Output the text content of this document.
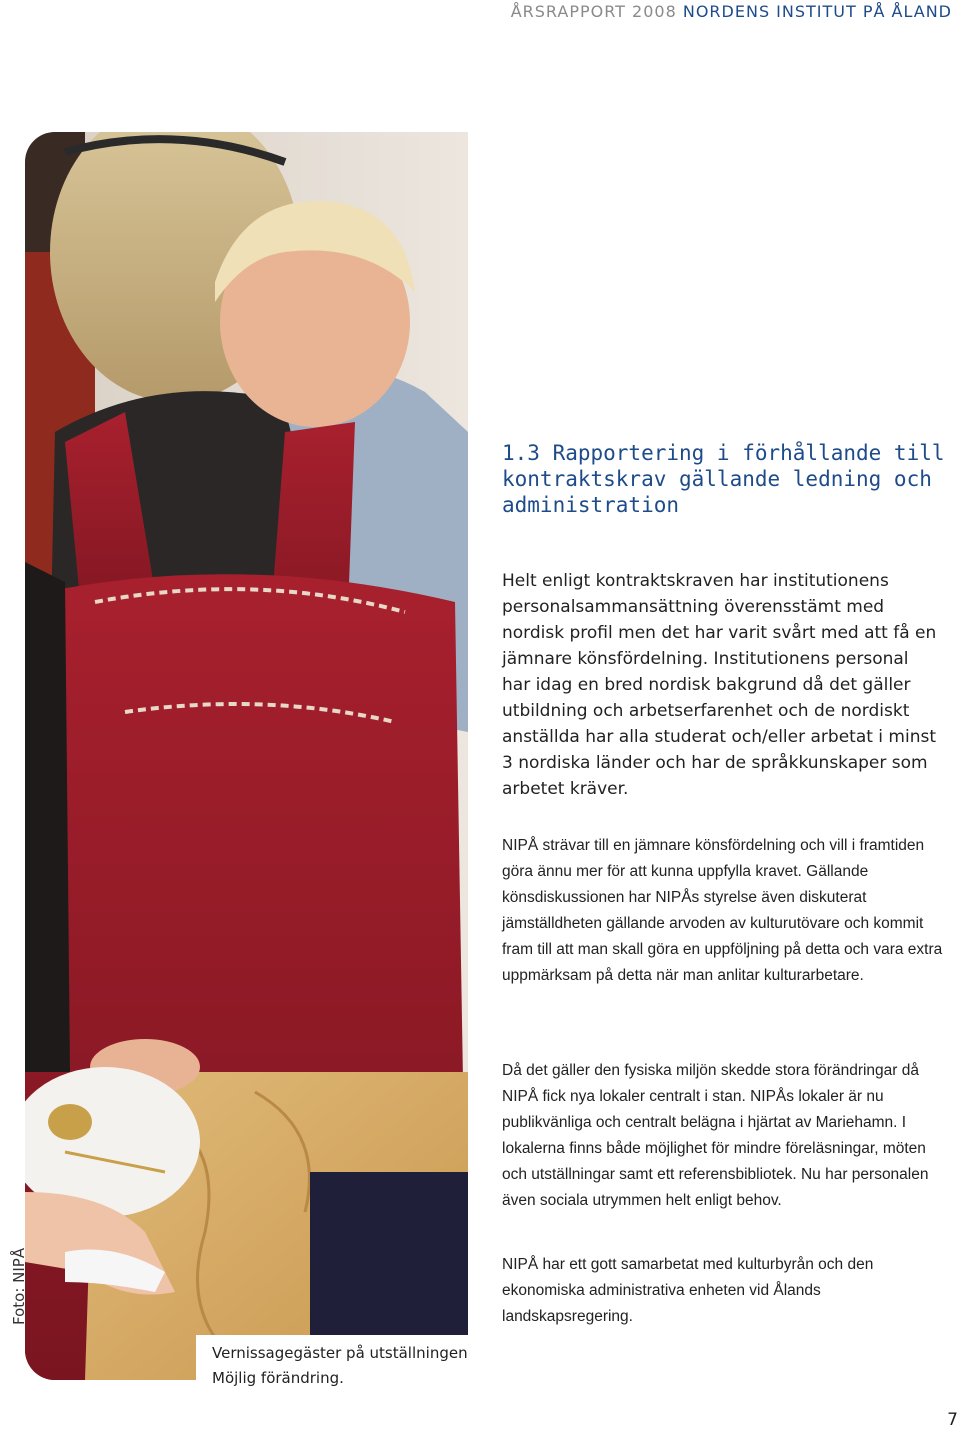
ÅRSRAPPORT 2008 NORDENS INSTITUT PÅ ÅLAND
Foto: NIPÅ
Vernissagegäster på utställningen
Möjlig förändring.
1.3 Rapportering i förhållande till kontraktskrav gällande ledning och administration

Helt enligt kontraktskraven har institutionens personalsammansättning överensstämt med nordisk profil men det har varit svårt med att få en jämnare könsfördelning. Institutionens personal har idag en bred nordisk bakgrund då det gäller utbildning och arbetserfarenhet och de nordiskt anställda har alla studerat och/eller arbetat i minst 3 nordiska länder och har de språkkunskaper som arbetet kräver.

NIPÅ strävar till en jämnare könsfördelning och vill i framtiden göra ännu mer för att kunna uppfylla kravet. Gällande könsdiskussionen har NIPÅs styrelse även diskuterat jämställdheten gällande arvoden av kulturutövare och kommit fram till att man skall göra en uppföljning på detta och vara extra uppmärksam på detta när man anlitar kulturarbetare.

Då det gäller den fysiska miljön skedde stora förändringar då NIPÅ fick nya lokaler centralt i stan. NIPÅs lokaler är nu publikvänliga och centralt belägna i hjärtat av Mariehamn. I lokalerna finns både möjlighet för mindre föreläsningar, möten och utställningar samt ett referensbibliotek. Nu har personalen även sociala utrymmen helt enligt behov.

NIPÅ har ett gott samarbetat med kulturbyrån och den ekonomiska administrativa enheten vid Ålands landskapsregering.

7
